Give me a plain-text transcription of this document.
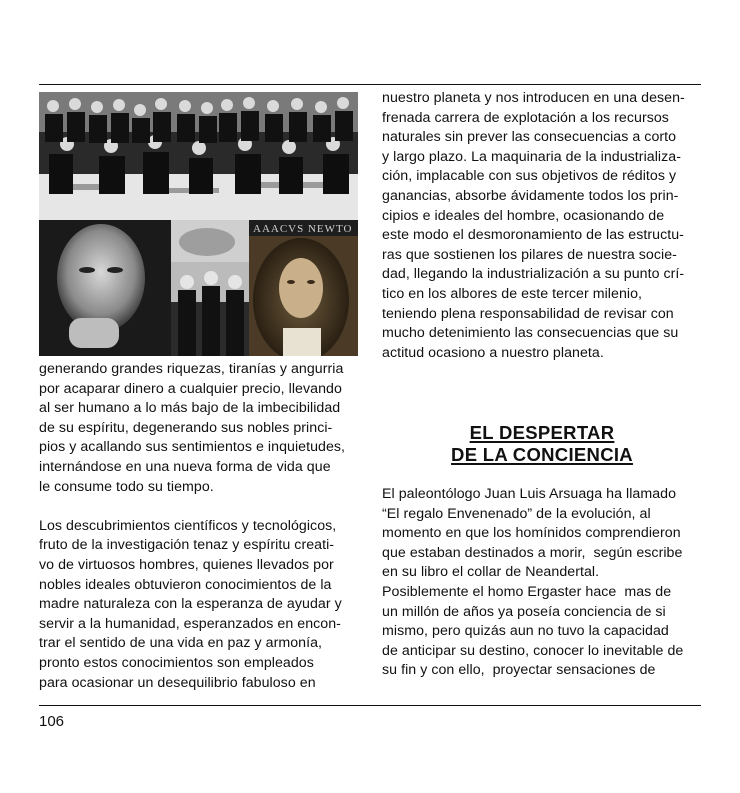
AAACVS NEWTO

generando grandes riquezas, tiranías y angurria

por acaparar dinero a cualquier precio, llevando

al ser humano a lo más bajo de la imbecibilidad

de su espíritu, degenerando sus nobles princi-

pios y acallando sus sentimientos e inquietudes,

internándose en una nueva forma de vida que

le consume todo su tiempo.

Los descubrimientos científicos y tecnológicos,

fruto de la investigación tenaz y espíritu creati-

vo de virtuosos hombres, quienes llevados por

nobles ideales obtuvieron conocimientos de la

madre naturaleza con la esperanza de ayudar y

servir a la humanidad, esperanzados en encon-

trar el sentido de una vida en paz y armonía,

pronto estos conocimientos son empleados

para ocasionar un desequilibrio fabuloso en

nuestro planeta y nos introducen en una desen-

frenada carrera de explotación a los recursos

naturales sin prever las consecuencias a corto

y largo plazo. La maquinaria de la industrializa-

ción, implacable con sus objetivos de réditos y

ganancias, absorbe ávidamente todos los prin-

cipios e ideales del hombre, ocasionando de

este modo el desmoronamiento de las estructu-

ras que sostienen los pilares de nuestra socie-

dad, llegando la industrialización a su punto crí-

tico en los albores de este tercer milenio,

teniendo plena responsabilidad de revisar con

mucho detenimiento las consecuencias que su

actitud ocasiono a nuestro planeta.

EL DESPERTAR
DE LA CONCIENCIA

El paleontólogo Juan Luis Arsuaga ha llamado

“El regalo Envenenado” de la evolución, al

momento en que los homínidos comprendieron

que estaban destinados a morir,  según escribe

en su libro el collar de Neandertal.

Posiblemente el homo Ergaster hace  mas de

un millón de años ya poseía conciencia de si

mismo, pero quizás aun no tuvo la capacidad

de anticipar su destino, conocer lo inevitable de

su fin y con ello,  proyectar sensaciones de

106
